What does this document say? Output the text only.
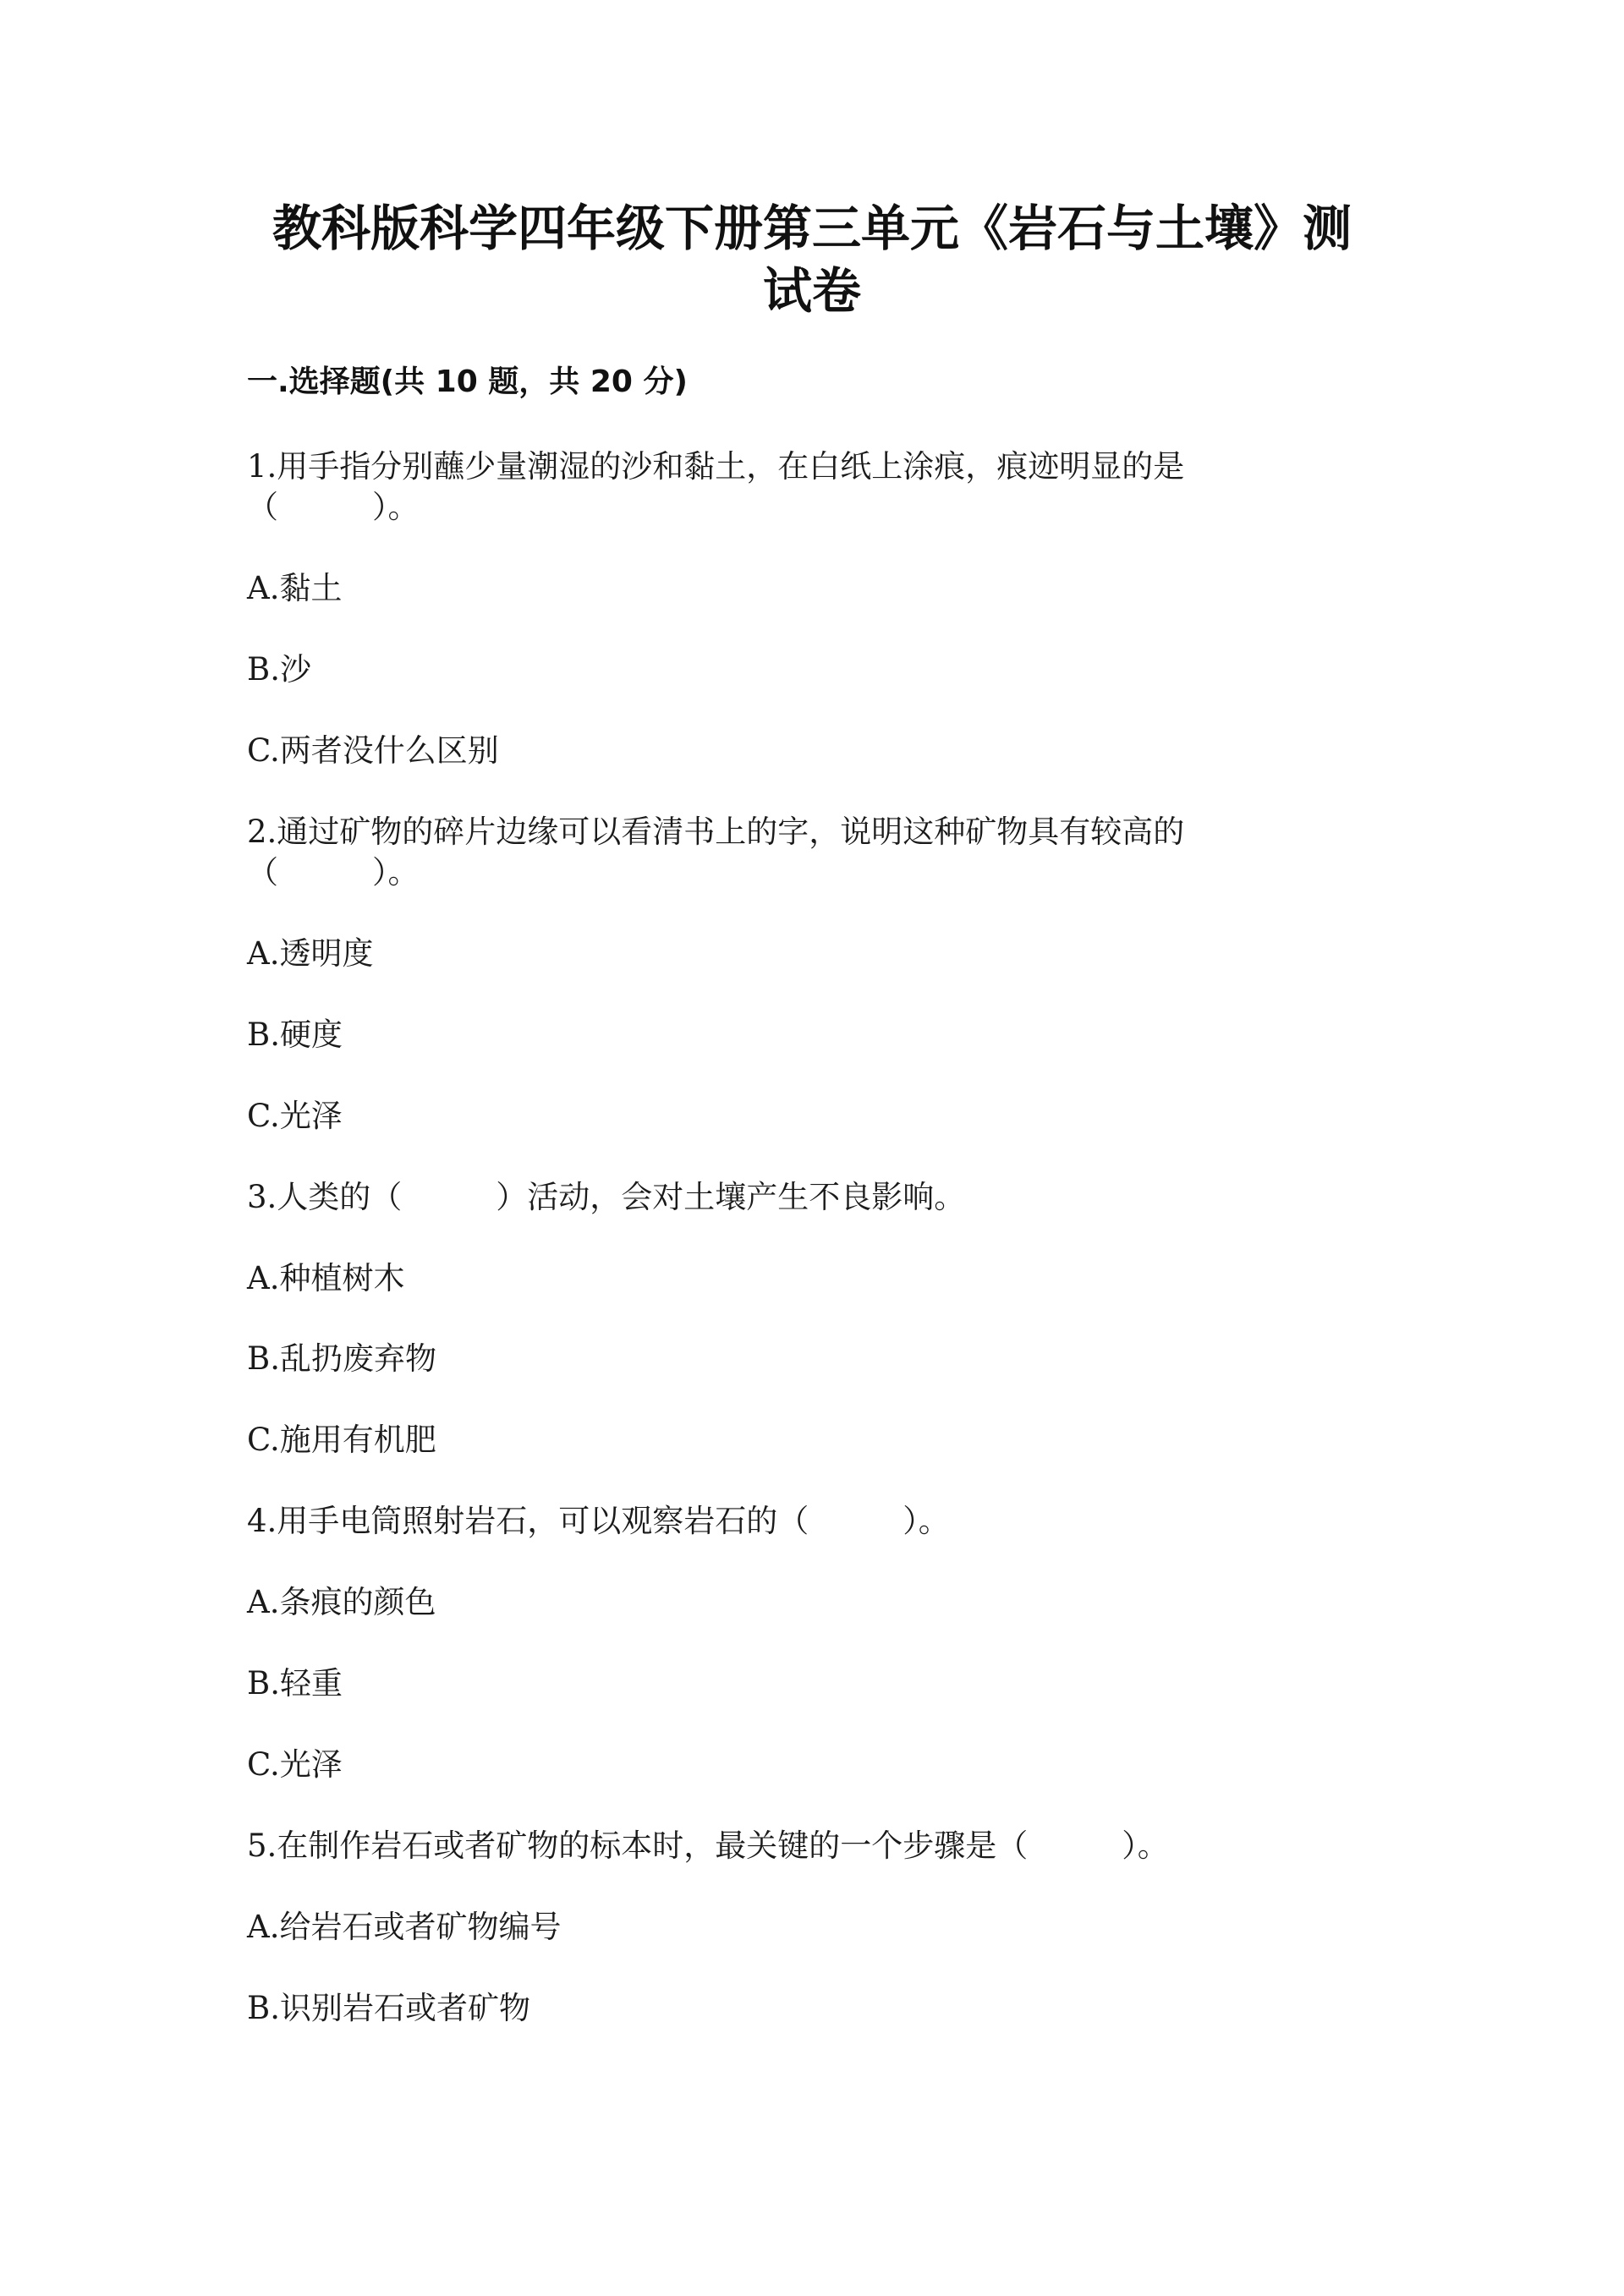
教科版科学四年级下册第三单元《岩石与土壤》测
试卷
一.选择题(共 10 题，共 20 分)
1.用手指分别蘸少量潮湿的沙和黏土，在白纸上涂痕，痕迹明显的是
（　　　）。
A.黏土
B.沙
C.两者没什么区别
2.通过矿物的碎片边缘可以看清书上的字，说明这种矿物具有较高的
（　　　）。
A.透明度
B.硬度
C.光泽
3.人类的（　　　）活动，会对土壤产生不良影响。
A.种植树木
B.乱扔废弃物
C.施用有机肥
4.用手电筒照射岩石，可以观察岩石的（　　　）。
A.条痕的颜色
B.轻重
C.光泽
5.在制作岩石或者矿物的标本时，最关键的一个步骤是（　　　）。
A.给岩石或者矿物编号
B.识别岩石或者矿物
